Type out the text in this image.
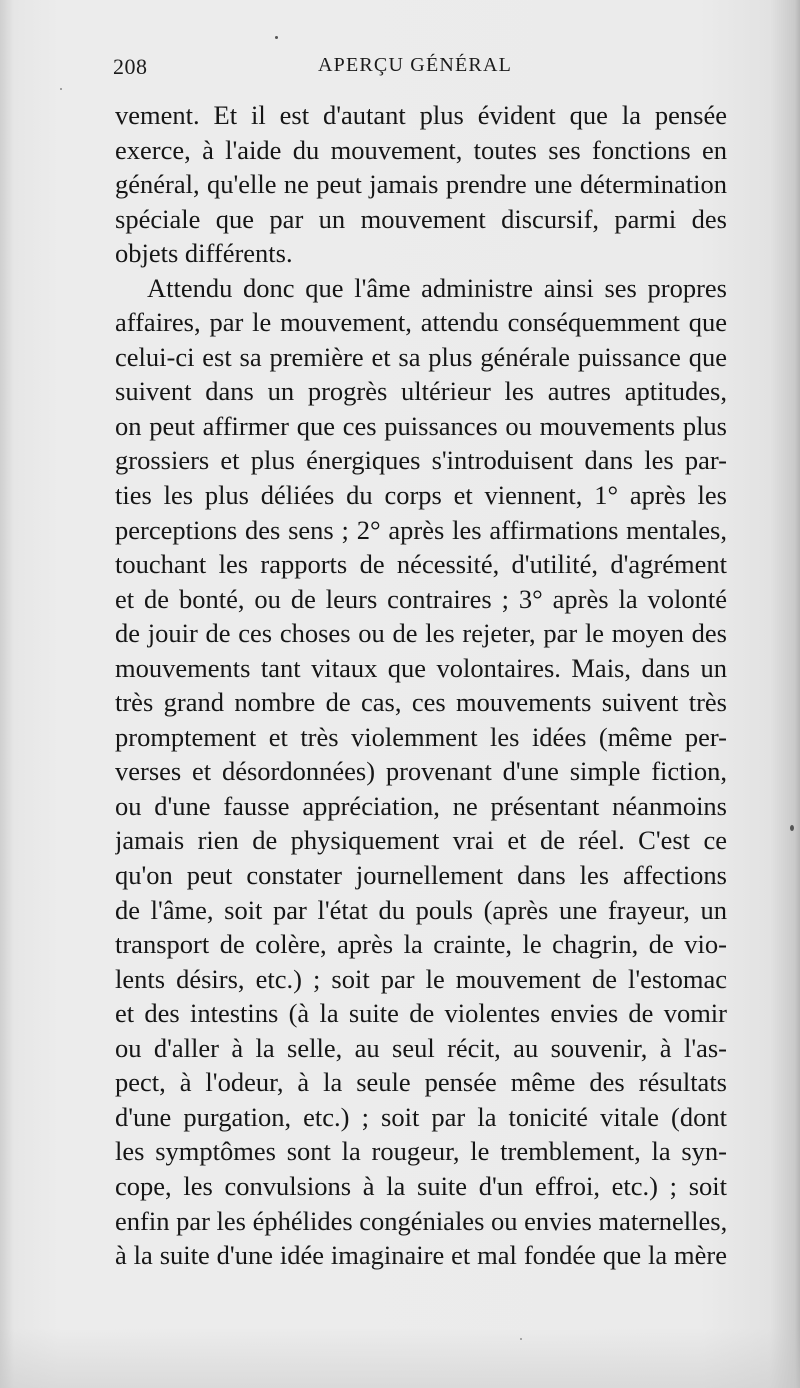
208	APERÇU GÉNÉRAL
vement. Et il est d'autant plus évident que la pensée
exerce, à l'aide du mouvement, toutes ses fonctions en
général, qu'elle ne peut jamais prendre une détermination
spéciale que par un mouvement discursif, parmi des
objets différents.
Attendu donc que l'âme administre ainsi ses propres
affaires, par le mouvement, attendu conséquemment que
celui-ci est sa première et sa plus générale puissance que
suivent dans un progrès ultérieur les autres aptitudes,
on peut affirmer que ces puissances ou mouvements plus
grossiers et plus énergiques s'introduisent dans les par-
ties les plus déliées du corps et viennent, 1° après les
perceptions des sens ; 2° après les affirmations mentales,
touchant les rapports de nécessité, d'utilité, d'agrément
et de bonté, ou de leurs contraires ; 3° après la volonté
de jouir de ces choses ou de les rejeter, par le moyen des
mouvements tant vitaux que volontaires. Mais, dans un
très grand nombre de cas, ces mouvements suivent très
promptement et très violemment les idées (même per-
verses et désordonnées) provenant d'une simple fiction,
ou d'une fausse appréciation, ne présentant néanmoins
jamais rien de physiquement vrai et de réel. C'est ce
qu'on peut constater journellement dans les affections
de l'âme, soit par l'état du pouls (après une frayeur, un
transport de colère, après la crainte, le chagrin, de vio-
lents désirs, etc.) ; soit par le mouvement de l'estomac
et des intestins (à la suite de violentes envies de vomir
ou d'aller à la selle, au seul récit, au souvenir, à l'as-
pect, à l'odeur, à la seule pensée même des résultats
d'une purgation, etc.) ; soit par la tonicité vitale (dont
les symptômes sont la rougeur, le tremblement, la syn-
cope, les convulsions à la suite d'un effroi, etc.) ; soit
enfin par les éphélides congéniales ou envies maternelles,
à la suite d'une idée imaginaire et mal fondée que la mère
